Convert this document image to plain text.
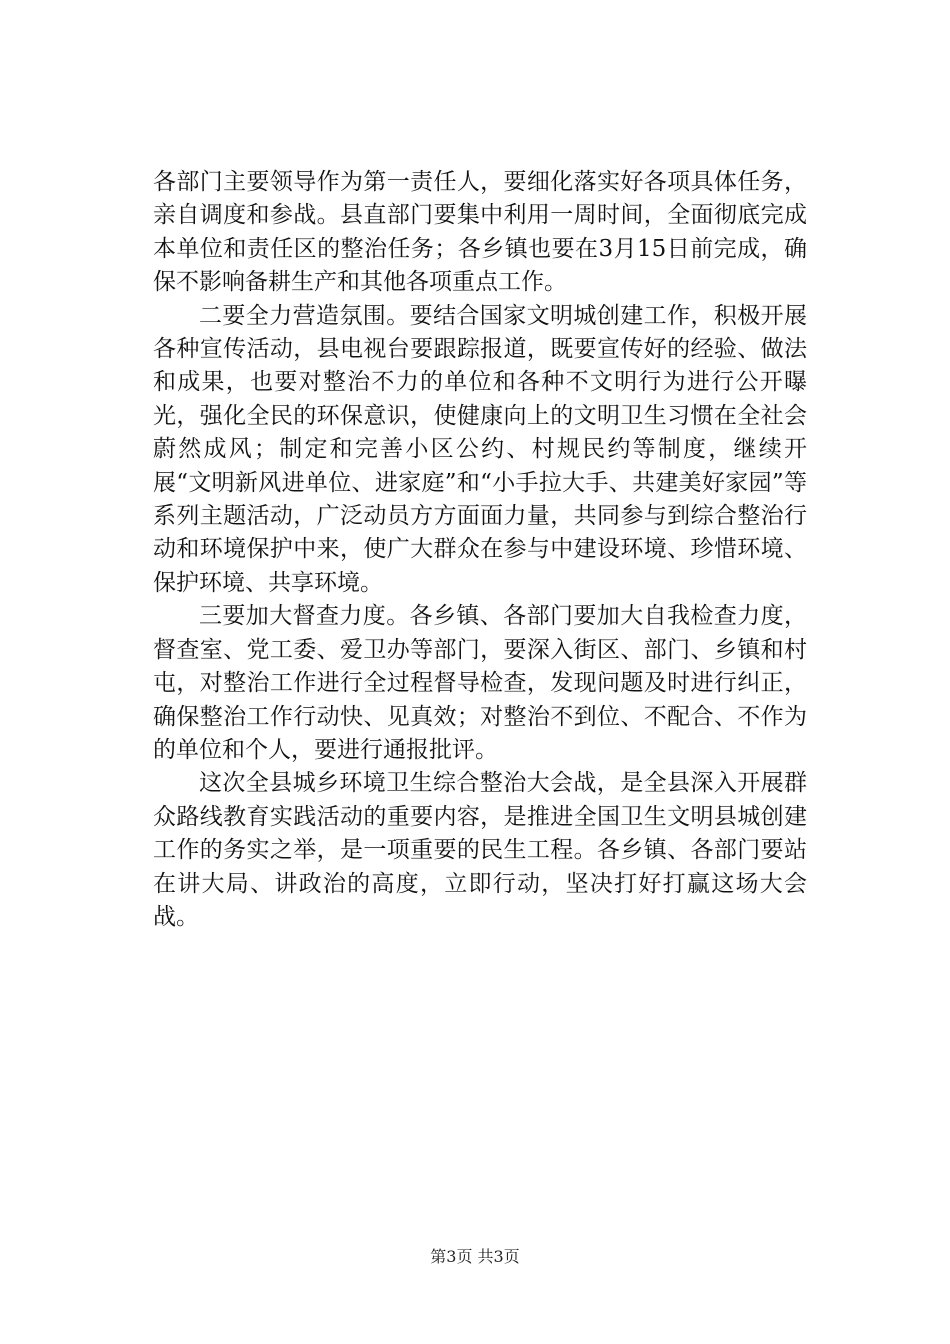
各部门主要领导作为第一责任人，要细化落实好各项具体任务，亲自调度和参战。县直部门要集中利用一周时间，全面彻底完成本单位和责任区的整治任务；各乡镇也要在3月15日前完成，确保不影响备耕生产和其他各项重点工作。

二要全力营造氛围。要结合国家文明城创建工作，积极开展各种宣传活动，县电视台要跟踪报道，既要宣传好的经验、做法和成果，也要对整治不力的单位和各种不文明行为进行公开曝光，强化全民的环保意识，使健康向上的文明卫生习惯在全社会蔚然成风；制定和完善小区公约、村规民约等制度，继续开展“文明新风进单位、进家庭”和“小手拉大手、共建美好家园”等系列主题活动，广泛动员方方面面力量，共同参与到综合整治行动和环境保护中来，使广大群众在参与中建设环境、珍惜环境、保护环境、共享环境。

三要加大督查力度。各乡镇、各部门要加大自我检查力度，督查室、党工委、爱卫办等部门，要深入街区、部门、乡镇和村屯，对整治工作进行全过程督导检查，发现问题及时进行纠正，确保整治工作行动快、见真效；对整治不到位、不配合、不作为的单位和个人，要进行通报批评。

这次全县城乡环境卫生综合整治大会战，是全县深入开展群众路线教育实践活动的重要内容，是推进全国卫生文明县城创建工作的务实之举，是一项重要的民生工程。各乡镇、各部门要站在讲大局、讲政治的高度，立即行动，坚决打好打赢这场大会战。

第3页 共3页
